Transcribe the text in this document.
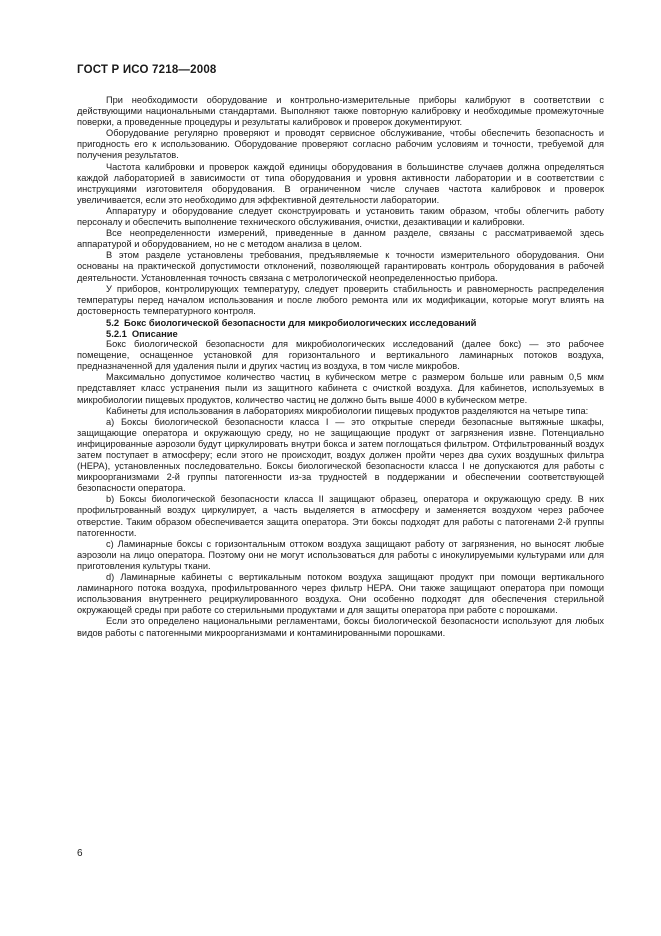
ГОСТ Р ИСО 7218—2008

При необходимости оборудование и контрольно-измерительные приборы калибруют в соответствии с действующими национальными стандартами. Выполняют также повторную калибровку и необходимые промежуточные поверки, а проведенные процедуры и результаты калибровок и проверок документируют.

Оборудование регулярно проверяют и проводят сервисное обслуживание, чтобы обеспечить безопасность и пригодность его к использованию. Оборудование проверяют согласно рабочим условиям и точности, требуемой для получения результатов.

Частота калибровки и проверок каждой единицы оборудования в большинстве случаев должна определяться каждой лабораторией в зависимости от типа оборудования и уровня активности лаборатории и в соответствии с инструкциями изготовителя оборудования. В ограниченном числе случаев частота калибровок и проверок увеличивается, если это необходимо для эффективной деятельности лаборатории.

Аппаратуру и оборудование следует сконструировать и установить таким образом, чтобы облегчить работу персоналу и обеспечить выполнение технического обслуживания, очистки, дезактивации и калибровки.

Все неопределенности измерений, приведенные в данном разделе, связаны с рассматриваемой здесь аппаратурой и оборудованием, но не с методом анализа в целом.

В этом разделе установлены требования, предъявляемые к точности измерительного оборудования. Они основаны на практической допустимости отклонений, позволяющей гарантировать контроль оборудования в рабочей деятельности. Установленная точность связана с метрологической неопределенностью прибора.

У приборов, контролирующих температуру, следует проверить стабильность и равномерность распределения температуры перед началом использования и после любого ремонта или их модификации, которые могут влиять на достоверность температурного контроля.

5.2 Бокс биологической безопасности для микробиологических исследований
5.2.1 Описание

Бокс биологической безопасности для микробиологических исследований (далее бокс) — это рабочее помещение, оснащенное установкой для горизонтального и вертикального ламинарных потоков воздуха, предназначенной для удаления пыли и других частиц из воздуха, в том числе микробов.

Максимально допустимое количество частиц в кубическом метре с размером больше или равным 0,5 мкм представляет класс устранения пыли из защитного кабинета с очисткой воздуха. Для кабинетов, используемых в микробиологии пищевых продуктов, количество частиц не должно быть выше 4000 в кубическом метре.

Кабинеты для использования в лабораториях микробиологии пищевых продуктов разделяются на четыре типа:

a) Боксы биологической безопасности класса I — это открытые спереди безопасные вытяжные шкафы, защищающие оператора и окружающую среду, но не защищающие продукт от загрязнения извне. Потенциально инфицированные аэрозоли будут циркулировать внутри бокса и затем поглощаться фильтром. Отфильтрованный воздух затем поступает в атмосферу; если этого не происходит, воздух должен пройти через два сухих воздушных фильтра (HEPA), установленных последовательно. Боксы биологической безопасности класса I не допускаются для работы с микроорганизмами 2-й группы патогенности из-за трудностей в поддержании и обеспечении соответствующей безопасности оператора.

b) Боксы биологической безопасности класса II защищают образец, оператора и окружающую среду. В них профильтрованный воздух циркулирует, а часть выделяется в атмосферу и заменяется воздухом через рабочее отверстие. Таким образом обеспечивается защита оператора. Эти боксы подходят для работы с патогенами 2-й группы патогенности.

c) Ламинарные боксы с горизонтальным оттоком воздуха защищают работу от загрязнения, но выносят любые аэрозоли на лицо оператора. Поэтому они не могут использоваться для работы с инокулируемыми культурами или для приготовления культуры ткани.

d) Ламинарные кабинеты с вертикальным потоком воздуха защищают продукт при помощи вертикального ламинарного потока воздуха, профильтрованного через фильтр HEPA. Они также защищают оператора при помощи использования внутреннего рециркулированного воздуха. Они особенно подходят для обеспечения стерильной окружающей среды при работе со стерильными продуктами и для защиты оператора при работе с порошками.

Если это определено национальными регламентами, боксы биологической безопасности используют для любых видов работы с патогенными микроорганизмами и контаминированными порошками.

6
